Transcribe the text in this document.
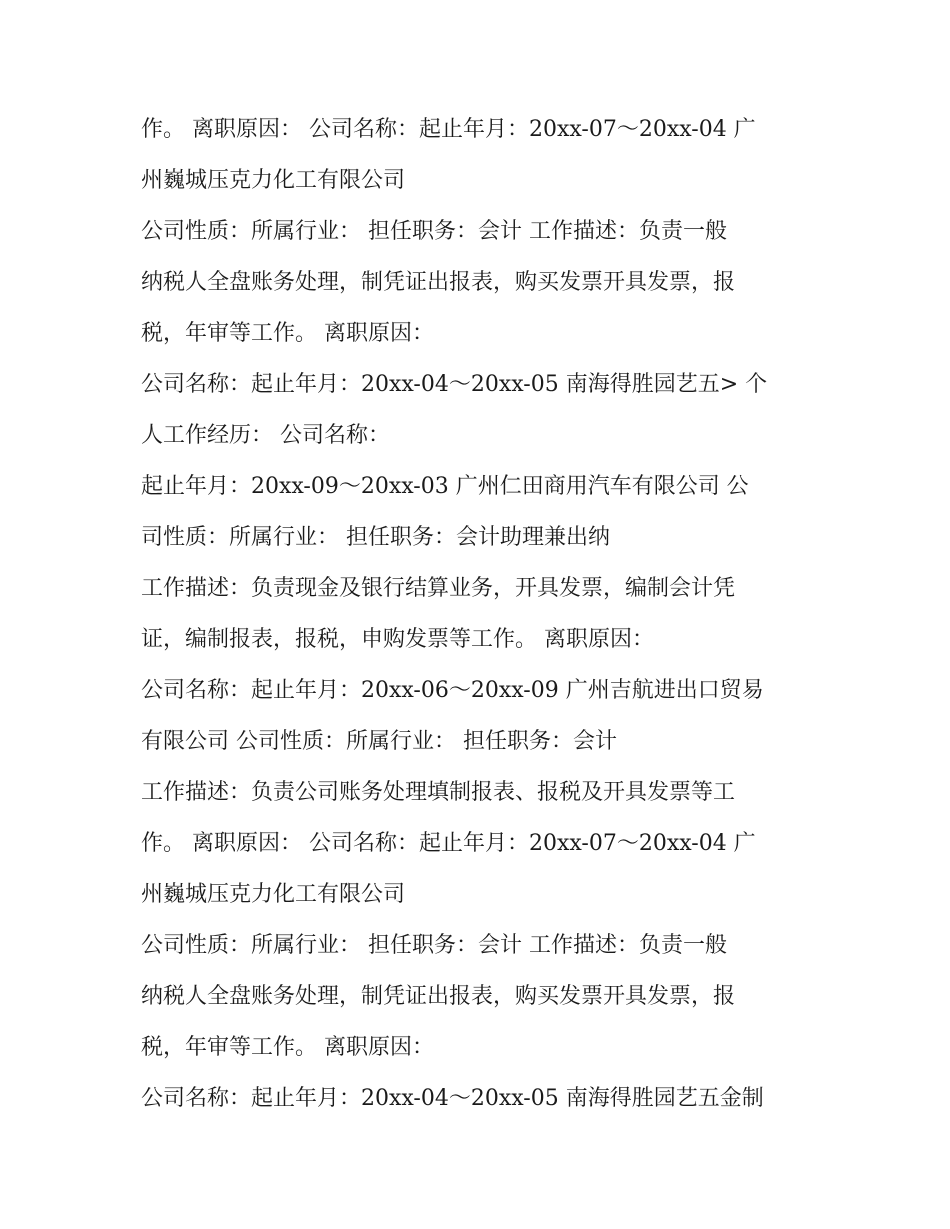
作。 离职原因： 公司名称：起止年月：20xx-07～20xx-04 广
州巍城压克力化工有限公司
公司性质：所属行业： 担任职务：会计 工作描述：负责一般
纳税人全盘账务处理，制凭证出报表，购买发票开具发票，报
税，年审等工作。 离职原因：
公司名称：起止年月：20xx-04～20xx-05 南海得胜园艺五> 个
人工作经历： 公司名称：
起止年月：20xx-09～20xx-03 广州仁田商用汽车有限公司 公
司性质：所属行业： 担任职务：会计助理兼出纳
工作描述：负责现金及银行结算业务，开具发票，编制会计凭
证，编制报表，报税，申购发票等工作。 离职原因：
公司名称：起止年月：20xx-06～20xx-09 广州吉航进出口贸易
有限公司 公司性质：所属行业： 担任职务：会计
工作描述：负责公司账务处理填制报表、报税及开具发票等工
作。 离职原因： 公司名称：起止年月：20xx-07～20xx-04 广
州巍城压克力化工有限公司
公司性质：所属行业： 担任职务：会计 工作描述：负责一般
纳税人全盘账务处理，制凭证出报表，购买发票开具发票，报
税，年审等工作。 离职原因：
公司名称：起止年月：20xx-04～20xx-05 南海得胜园艺五金制
